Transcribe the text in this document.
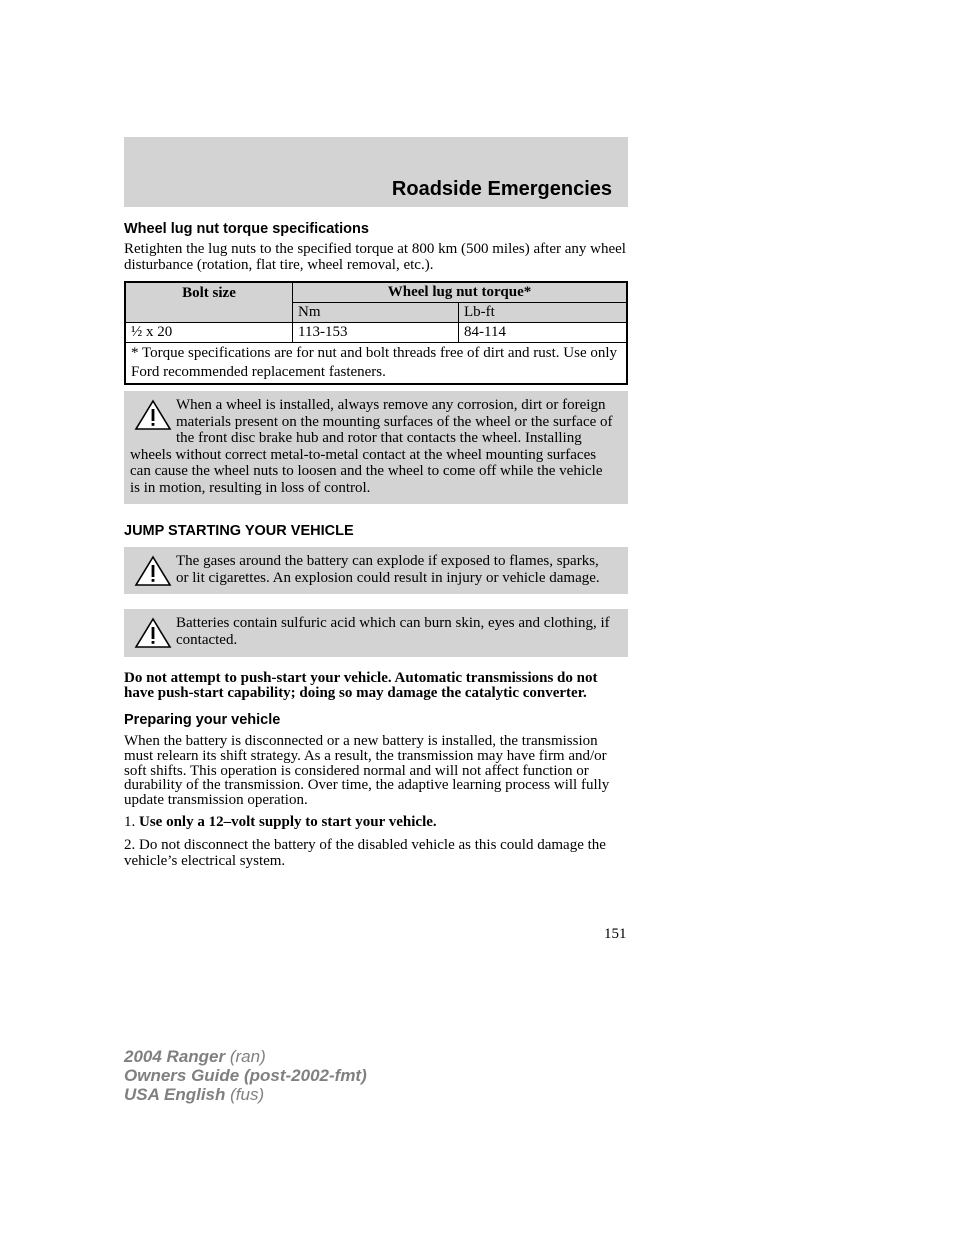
Roadside Emergencies
Wheel lug nut torque specifications

Retighten the lug nuts to the specified torque at 800 km (500 miles) after any wheel disturbance (rotation, flat tire, wheel removal, etc.).

Bolt size	Wheel lug nut torque*	
	Nm	Lb-ft
½ x 20	113-153	84-114
* Torque specifications are for nut and bolt threads free of dirt and rust. Use only Ford recommended replacement fasteners.		

When a wheel is installed, always remove any corrosion, dirt or foreign materials present on the mounting surfaces of the wheel or the surface of the front disc brake hub and rotor that contacts the wheel. Installing wheels without correct metal-to-metal contact at the wheel mounting surfaces can cause the wheel nuts to loosen and the wheel to come off while the vehicle is in motion, resulting in loss of control.

JUMP STARTING YOUR VEHICLE

The gases around the battery can explode if exposed to flames, sparks, or lit cigarettes. An explosion could result in injury or vehicle damage.

Batteries contain sulfuric acid which can burn skin, eyes and clothing, if contacted.

Do not attempt to push-start your vehicle. Automatic transmissions do not have push-start capability; doing so may damage the catalytic converter.

Preparing your vehicle

When the battery is disconnected or a new battery is installed, the transmission must relearn its shift strategy. As a result, the transmission may have firm and/or soft shifts. This operation is considered normal and will not affect function or durability of the transmission. Over time, the adaptive learning process will fully update transmission operation.

1. Use only a 12–volt supply to start your vehicle.

2. Do not disconnect the battery of the disabled vehicle as this could damage the vehicle’s electrical system.

151
2004 Ranger (ran)
Owners Guide (post-2002-fmt)
USA English (fus)
